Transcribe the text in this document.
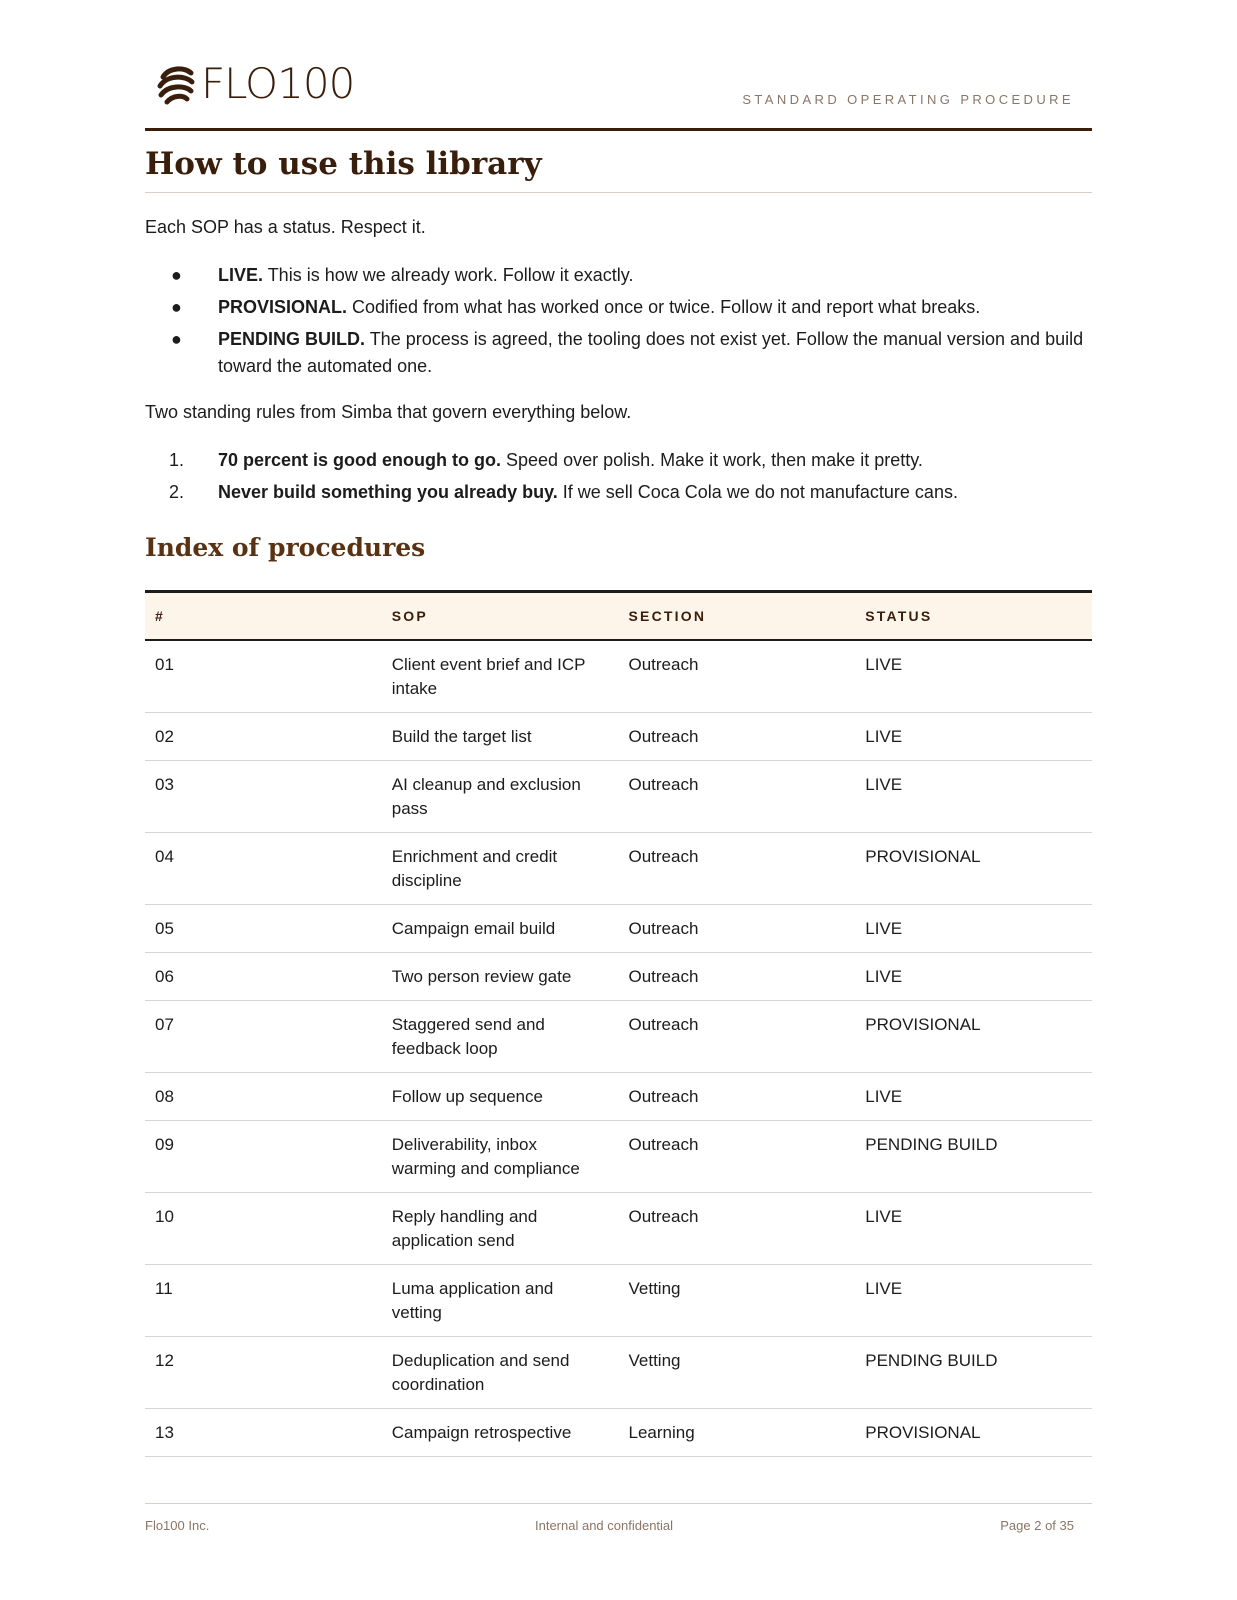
FLO100	STANDARD OPERATING PROCEDURE
How to use this library

Each SOP has a status. Respect it.

● LIVE. This is how we already work. Follow it exactly.
● PROVISIONAL. Codified from what has worked once or twice. Follow it and report what breaks.
● PENDING BUILD. The process is agreed, the tooling does not exist yet. Follow the manual version and build toward the automated one.

Two standing rules from Simba that govern everything below.

1. 70 percent is good enough to go. Speed over polish. Make it work, then make it pretty.
2. Never build something you already buy. If we sell Coca Cola we do not manufacture cans.
Index of procedures
#	SOP	SECTION	STATUS
01	Client event brief and ICP intake	Outreach	LIVE
02	Build the target list	Outreach	LIVE
03	AI cleanup and exclusion pass	Outreach	LIVE
04	Enrichment and credit discipline	Outreach	PROVISIONAL
05	Campaign email build	Outreach	LIVE
06	Two person review gate	Outreach	LIVE
07	Staggered send and feedback loop	Outreach	PROVISIONAL
08	Follow up sequence	Outreach	LIVE
09	Deliverability, inbox warming and compliance	Outreach	PENDING BUILD
10	Reply handling and application send	Outreach	LIVE
11	Luma application and vetting	Vetting	LIVE
12	Deduplication and send coordination	Vetting	PENDING BUILD
13	Campaign retrospective	Learning	PROVISIONAL
Flo100 Inc.	Internal and confidential	Page 2 of 35
